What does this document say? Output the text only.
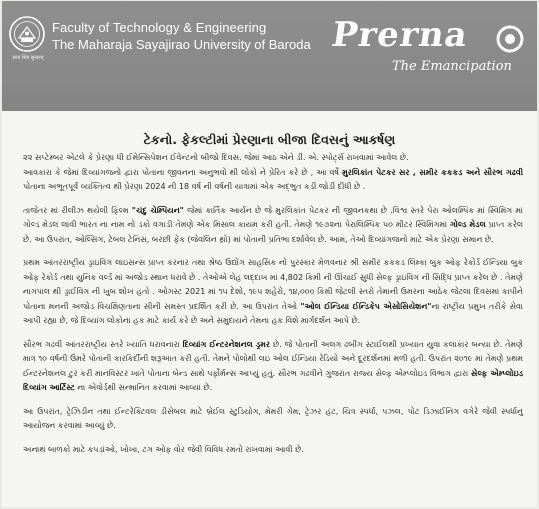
सत्यं शिवं सुन्दरम्
Faculty of Technology & Engineering
The Maharaja Sayajirao University of Baroda Prerna
The Emancipation
ટેકનો. ફેકલ્ટીમાં પ્રેરણાના બીજા દિવસનું આકર્ષણ

૨૨ સપ્ટેમ્બર એટલે કે પ્રેરણા ધી ઈમેન્સિપેશન ઈવેન્ટનો બીજો દિવસ. જેમાં આઠ એને ડી. એ. સ્પોર્ટ્સ રાખવામાં આવેલ છે.
આવકારા કે જેમાં દિવ્યાંગજનો દ્વારા પોતાના જીવનના અનુભવો થી લોકો ને પ્રેરિત કરે છે , આ વર્ષે મુરલિકાંત પેટકર સર , સમીર કકકડ અને સૌરભ ગઢવી પોતાના અભૂતપૂર્વ વ્યક્તિત્વ થી પ્રેરણા 2024 ની 18 વર્ષ ની વર્ષની યાત્રામાં એક અદ્ભુત કડી જોડી દીધી છે .

તાજેતર માં રીલીઝ થયેલી ફિલ્મ "ચંદુ ચેમ્પિયન" જેમાં કાર્તિક આર્યન છે જે મુરલિકાંત પેટકર ની જીવનકથા છે .વિશ્વ સ્તરે પેરા ઓલમ્પિક માં સ્વિમિંગ માં ગોલ્ડ મેડલ લાવી ભારત ના નામ નો ડંકો વગાડી તેમણે એક મિસાલ કાયમ કરી હતી. તેમણે ૧૯૭૨ના પેરાલિમ્પિક ૫૦ મીટર સ્વિમિંગમાં ગોલ્ડ મેડલ પ્રાપ્ત કરેલ છે. આ ઉપરાંત, ઓલ્સિંગ, ટેબલ ટેનિસ, બરછી ફેંક (જેવલિન થ્રો) માં પોતાની પ્રતિભા દર્શાવેલ છે. આમ, તેઓ દિવ્યાંગજનો માટે એક પ્રેરણા સમાન છે.

પ્રથમ આંતરરાષ્ટ્રીય ડ્રાઇવિંગ લાઇસન્સ પ્રાપ્ત કરનાર તથા શ્રેષ્ઠ ઉદ્યોગ સાહસિક નો પુરસ્કાર મેળવનાર શ્રી સમીર કકકડ લિમ્કા બુક ઓફ રેકોર્ડ ઈન્ડિયા બુક ઓફ રેકોર્ડ તથા યુનિક વર્લ્ડ માં અજોડ સ્થાન ધરાવે છે . તેઓએ લેહ લદ્દાખ માં 4,802 કિમી ની ઊંચાઈ સુધી સેલ્ફ ડ્રાઇવિંગ ની સિદ્ધિ પ્રાપ્ત કરેલ છે . તેમણે નાગપાલ થી ડ્રાઈવિંગ ની ખુબ શોખ હતો . ઓગસ્ટ 2021 માં ૧૫ દેશો, ૧૯૫ શહેરો, ૧૪,૦૦૦ કિમી જેટલી સ્તરો તેમાની ઉમરના આઠેક જેટલા દિવસમાં કાપીને પોતાના મનની અજોડ વિચક્ષિણતાના સીની સમસ્ત પ્રદર્શિત કરી છે. આ ઉપરાંત તેઓ "ઓલ ઈન્ડિયા ઈન્ડિકેપ એસોસિયેશન"ના રાષ્ટ્રીય પ્રમુખ તરીકે સેવા આપી રહ્યા છે, જે દિવ્યાંગ લોકોના હક માટે કાર્ય કરે છે અને સમુદાયને તેમના હક વિશે માર્ગદર્શન આપે છે.

સૌરભ ગઢવી આંતરરાષ્ટ્રીય સ્તરે ખ્યાતિ ધરાવનારા દિવ્યાંગ ઈન્ટરનેશનલ ડ્રમર છે. જે પોતાની અલગ ઢબીંગ સ્ટાઈલથી પ્રખ્યાત યુવા કલાકાર બન્યા છે. તેમણે માત્ર ૧૦ વર્ષની ઉંમરે પોતાની કારકિર્દીની શરૂઆત કરી હતી. તેમને પોલોથી લઇ ઓલ ઈન્ડિયા રેડિયો અને દૂરદર્શનમાં મળી હતી. ઉપરાંત ૨૦૧૯ માં તેમણે પ્રથમ ઈન્ટરનેશનલ ટુર કરી માનવિસ્ટર ખાતે પોતાના બેન્ડ સાથે પર્ફોર્મન્સ આપ્યું હતું. સૌરભ ગઢવીને ગુજરાત રાજ્ય સેલ્ફ એમ્પ્લોઇડ વિભાગ દ્વારા સેલ્ફ એમ્પ્લોઇડ દિવ્યાંગ આર્ટિસ્ટ ના એવોર્ડથી સન્માનિત કરવામાં આવ્યા છે.

આ ઉપરાંત, ટ્રેઝિડીન તથા ઈન્ટરેક્ટિવલ ડીસેબલ માટે બ્રેઈલ સ્ટુડિયોગ, મેમરી ગેમ, ટ્રેઝર હંટ, ચિત્ર સ્પર્ધા, પઝલ, પોટ ડિઝાઈનિંગ વગેરે જેવી સ્પર્ધાનું આયોજન કરવામાં આવ્યું છે.

અનાથ બાળકો માટે કપડાંઓ, ખોખા, ટગ ઓફ વોર જેવી વિવિધ રમતો રાખવામાં આવી છે.
